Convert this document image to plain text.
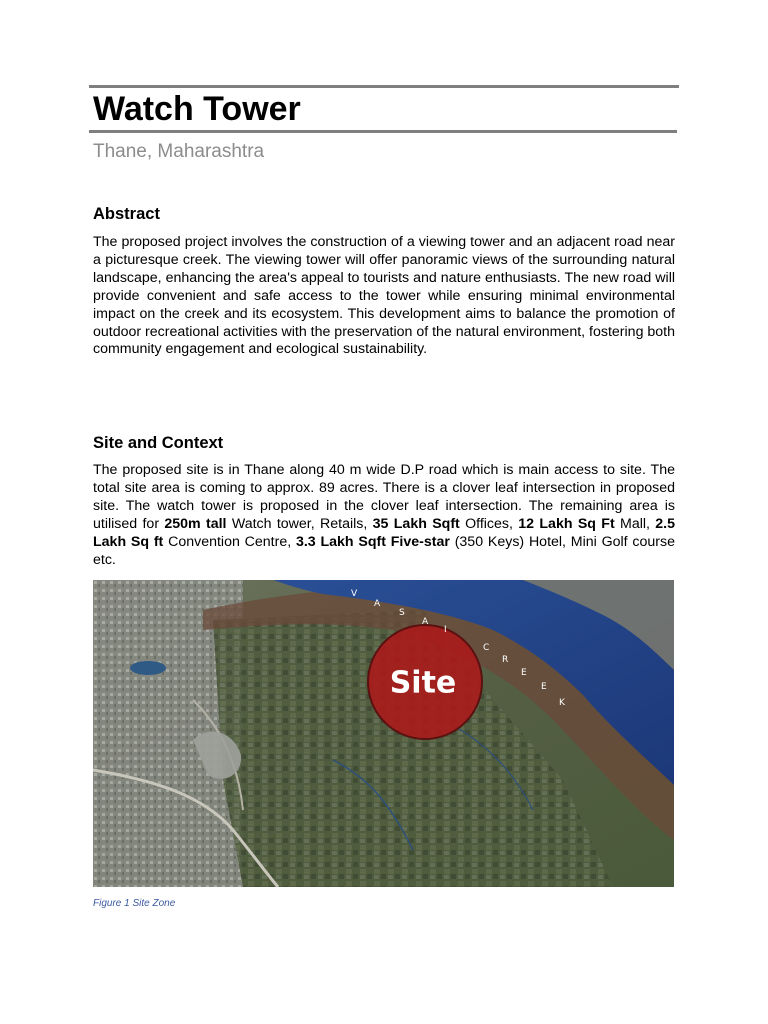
Watch Tower
Thane, Maharashtra
Abstract

The proposed project involves the construction of a viewing tower and an adjacent road near a picturesque creek. The viewing tower will offer panoramic views of the surrounding natural landscape, enhancing the area's appeal to tourists and nature enthusiasts. The new road will provide convenient and safe access to the tower while ensuring minimal environmental impact on the creek and its ecosystem. This development aims to balance the promotion of outdoor recreational activities with the preservation of the natural environment, fostering both community engagement and ecological sustainability.

Site and Context

The proposed site is in Thane along 40 m wide D.P road which is main access to site. The total site area is coming to approx. 89 acres. There is a clover leaf intersection in proposed site. The watch tower is proposed in the clover leaf intersection. The remaining area is utilised for 250m tall Watch tower, Retails, 35 Lakh Sqft Offices, 12 Lakh Sq Ft Mall, 2.5 Lakh Sq ft Convention Centre, 3.3 Lakh Sqft Five-star (350 Keys) Hotel, Mini Golf course etc.

Site
V
A
S
A
I
C
R
E
E
K

Figure 1 Site Zone
